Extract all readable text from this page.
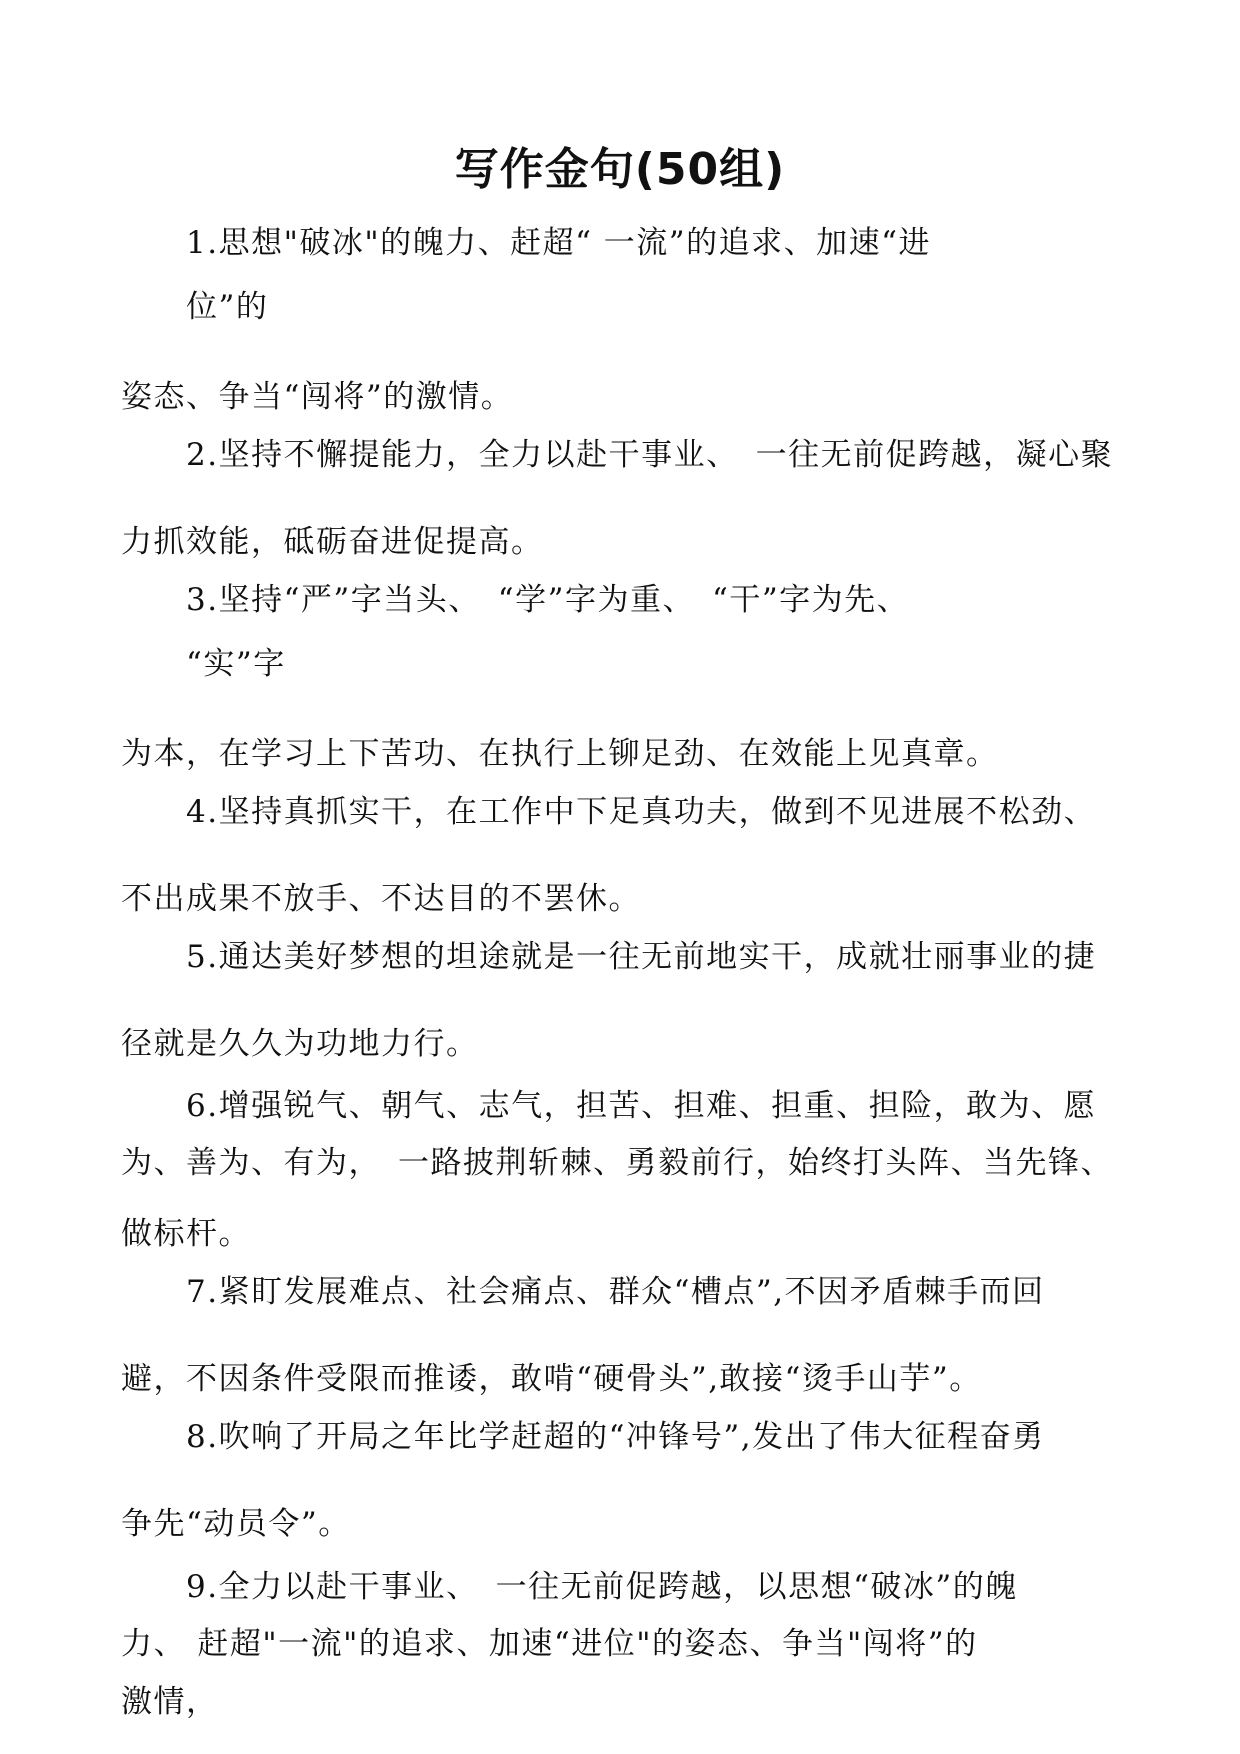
写作金句(50组)
1.思想"破冰"的魄力、赶超“ 一流”的追求、加速“进
位”的
姿态、争当“闯将”的激情。
2.坚持不懈提能力，全力以赴干事业、　一往无前促跨越，凝心聚
力抓效能，砥砺奋进促提高。
3.坚持“严”字当头、　“学”字为重、　“干”字为先、
“实”字
为本，在学习上下苦功、在执行上铆足劲、在效能上见真章。
4.坚持真抓实干，在工作中下足真功夫，做到不见进展不松劲、
不出成果不放手、不达目的不罢休。
5.通达美好梦想的坦途就是一往无前地实干，成就壮丽事业的捷
径就是久久为功地力行。
6.增强锐气、朝气、志气，担苦、担难、担重、担险，敢为、愿
为、善为、有为，　一路披荆斩棘、勇毅前行，始终打头阵、当先锋、
做标杆。
7.紧盯发展难点、社会痛点、群众“槽点”,不因矛盾棘手而回
避，不因条件受限而推诿，敢啃“硬骨头”,敢接“烫手山芋”。
8.吹响了开局之年比学赶超的“冲锋号”,发出了伟大征程奋勇
争先“动员令”。
9.全力以赴干事业、　一往无前促跨越，以思想“破冰”的魄
力、 赶超"一流"的追求、加速“进位"的姿态、争当"闯将”的
激情，
